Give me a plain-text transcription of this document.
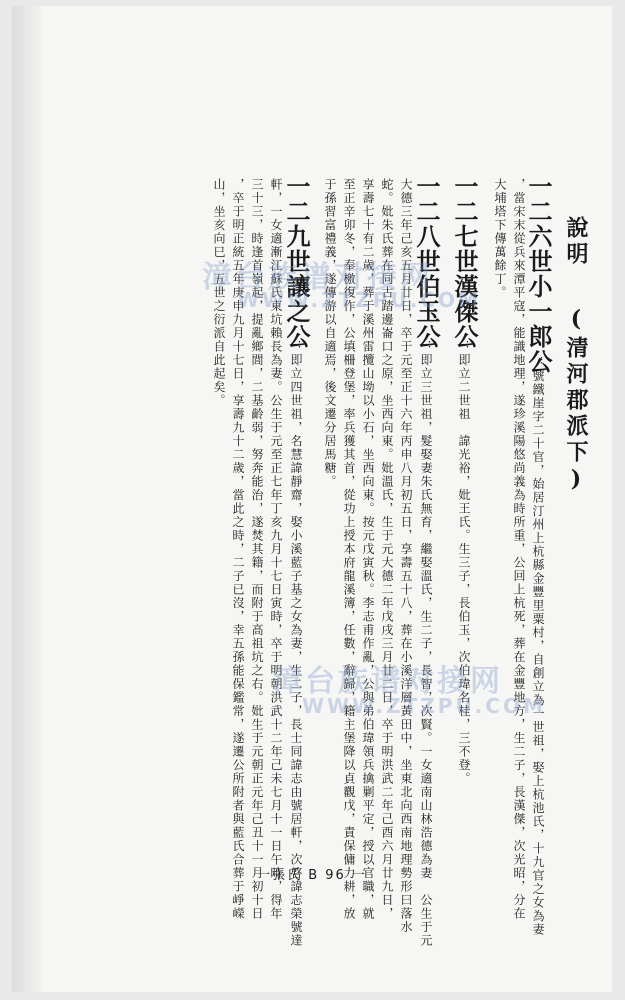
說明
(清河郡派下)
一二六世小一郎公
：號鐵崖字二十官，始居汀州上杭縣金豐里粟村，自創立為一世祖，娶上杭池氏，十九官之女為妻
，當宋末從兵來潭平寇，能識地理，遂珍溪陽悠尚義為時所重，公回上杭死，葬在金豐地方，生二子，長漢傑，次光昭，分在
大埔塔下傳萬餘丁。
一二七世漢傑公
：即立二世祖　諱光裕，妣王氏。生三子，長伯玉，次伯瑋名桂，三不登。
一二八世伯玉公
：即立三世祖，髮娶妻朱氏無育，繼娶溫氏，生二子，長智，次賢。一女適南山林浩德為妻　公生于元
大德三年己亥五月廿日，卒于元至正十六年丙申八月初五日，享壽五十八，葬在小溪洋層黃田中，坐東北向西南地理勢形曰落水
蛇。妣朱氏葬在同古踏邊崙口之原，坐西向東。妣溫氏，生于元大德二年戊戌三月廿二日，卒于明洪武二年己酉六月廿九日，
享壽七十有二歲，葬于溪州雷攬山坳以小石，坐西向東。按元戊寅秋。李志甫作亂，公與弟伯瑋領兵擒剿平定，授以官職，就
至正辛卯冬，奉檄復作，公填柵登堡，率兵獲其首，從功上授本府龍溪簿，任數，辭歸，籍主堡降以貞觀戊，責保傭力耕，放
于孫習富禮義，遂傳游以自適焉，後文遷分居馬糖。
一二九世讓之公
：即立四世祖，名慧諱靜齋，娶小溪藍子基之女為妻，生二子，長士同諱志由號居軒，次啓諱志榮號達
軒，一女適漸江蘇氏東坑賴長為妻。公生于元至正七年丁亥九月十七日寅時，卒于明朝洪武十二年己未七月十一日午時，得年
三十三，時逢首嶺起，提亂鄉閭，二基齡弱，努奔能治，遂焚其籍，而附于高祖坑之右。妣生于元朝正元年己丑十一月初十日
，卒于明正統五年庚申九月十七日，享壽九十二歲，當此之時，二子已沒，幸五孫能保鑑常，遂遷公所附者與藍氏合葬于崢嶸
山，坐亥向巳，五世之衍派自此起矣。
漳台族谱对接网
WWW.ZTZPU.COM
漳台族谱对接网
WWW.ZTZPU.COM
一張氏 B 96 一
